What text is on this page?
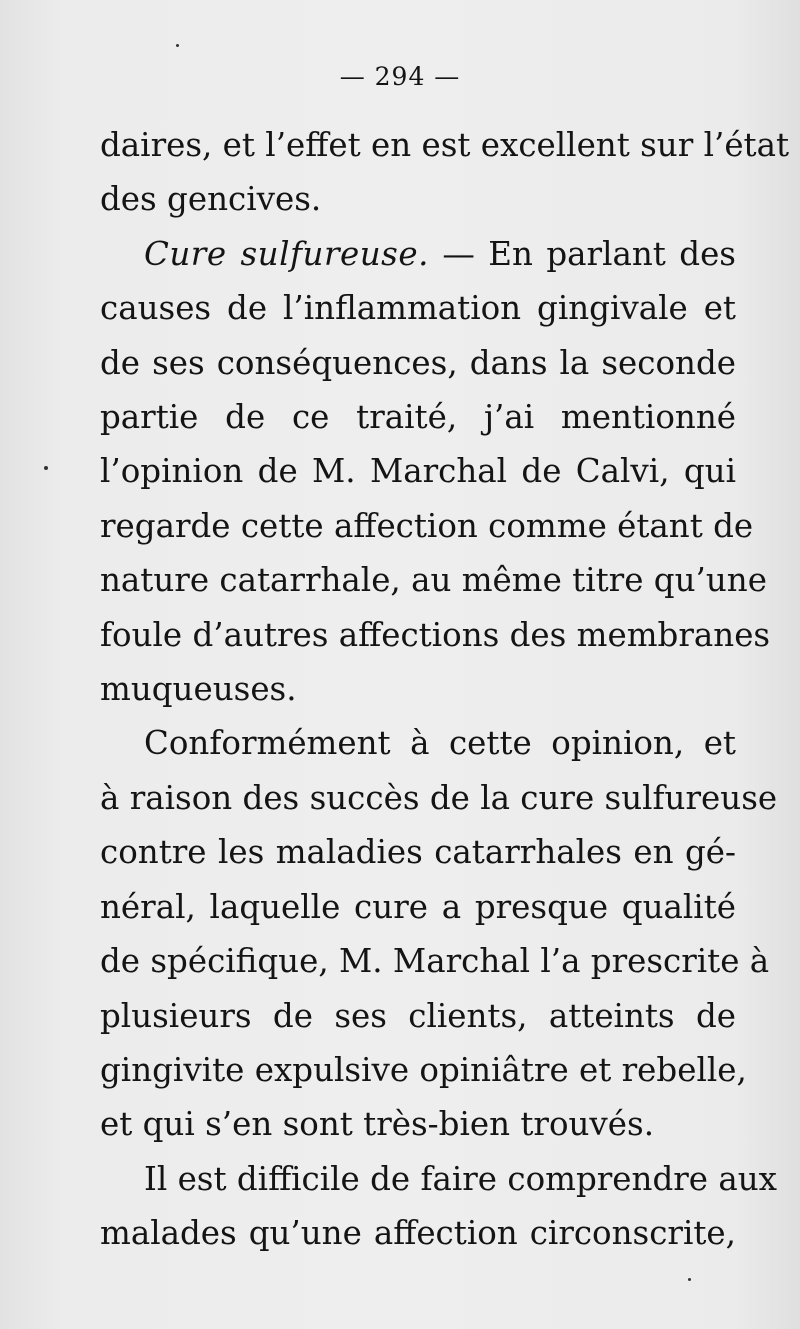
— 294 —
daires, et l’effet en est excellent sur l’état
des gencives.
Cure sulfureuse. — En parlant des
causes de l’inflammation gingivale et
de ses conséquences, dans la seconde
partie de ce traité, j’ai mentionné
l’opinion de M. Marchal de Calvi, qui
regarde cette affection comme étant de
nature catarrhale, au même titre qu’une
foule d’autres affections des membranes
muqueuses.
Conformément à cette opinion, et
à raison des succès de la cure sulfureuse
contre les maladies catarrhales en gé-
néral, laquelle cure a presque qualité
de spécifique, M. Marchal l’a prescrite à
plusieurs de ses clients, atteints de
gingivite expulsive opiniâtre et rebelle,
et qui s’en sont très-bien trouvés.
Il est difficile de faire comprendre aux
malades qu’une affection circonscrite,
